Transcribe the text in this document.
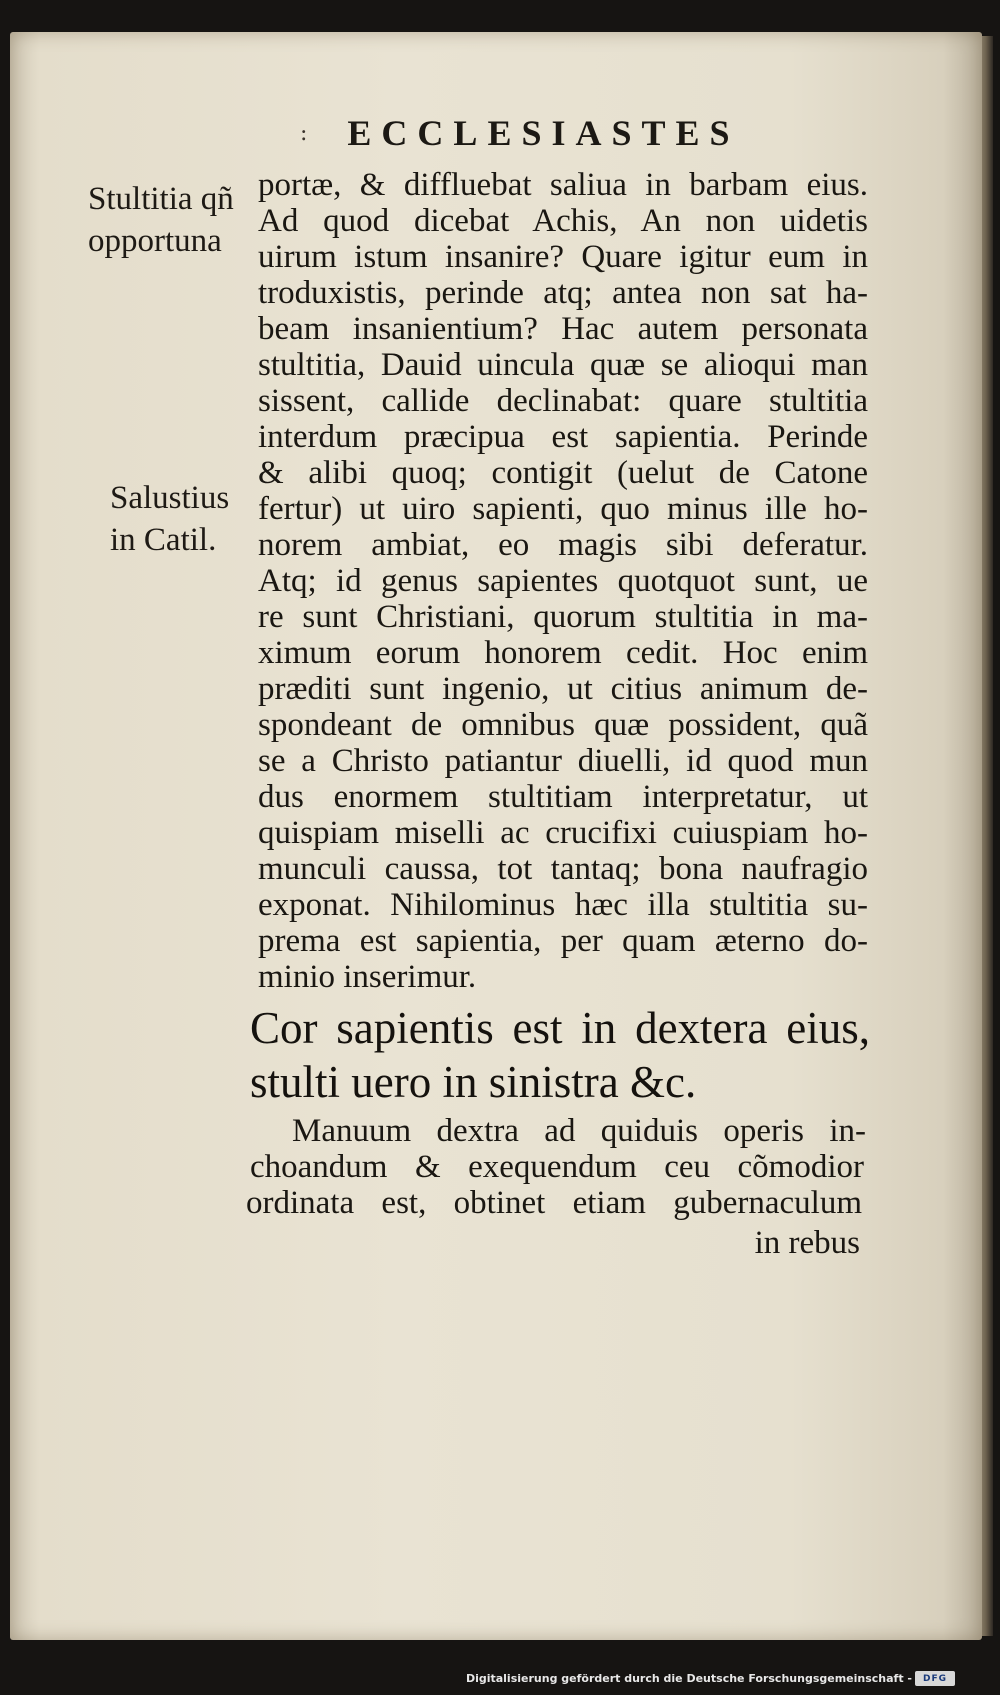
: ECCLESIASTES
Stultitia qñ
opportuna
Salustius
in Catil.
portæ, & diffluebat saliua in barbam eius.
Ad quod dicebat Achis, An non uidetis
uirum istum insanire? Quare igitur eum in
troduxistis, perinde atq; antea non sat ha-
beam insanientium? Hac autem personata
stultitia, Dauid uincula quæ se alioqui man
sissent, callide declinabat: quare stultitia
interdum præcipua est sapientia. Perinde
& alibi quoq; contigit (uelut de Catone
fertur) ut uiro sapienti, quo minus ille ho-
norem ambiat, eo magis sibi deferatur.
Atq; id genus sapientes quotquot sunt, ue
re sunt Christiani, quorum stultitia in ma-
ximum eorum honorem cedit. Hoc enim
præditi sunt ingenio, ut citius animum de-
spondeant de omnibus quæ possident, quã
se a Christo patiantur diuelli, id quod mun
dus enormem stultitiam interpretatur, ut
quispiam miselli ac crucifixi cuiuspiam ho-
munculi caussa, tot tantaq; bona naufragio
exponat. Nihilominus hæc illa stultitia su-
prema est sapientia, per quam æterno do-
minio inserimur.
Cor sapientis est in dextera eius,
stulti uero in sinistra &c.
Manuum dextra ad quiduis operis in-
choandum & exequendum ceu cõmodior
ordinata est, obtinet etiam gubernaculum
in rebus
Digitalisierung gefördert durch die Deutsche Forschungsgemeinschaft -	DFG
